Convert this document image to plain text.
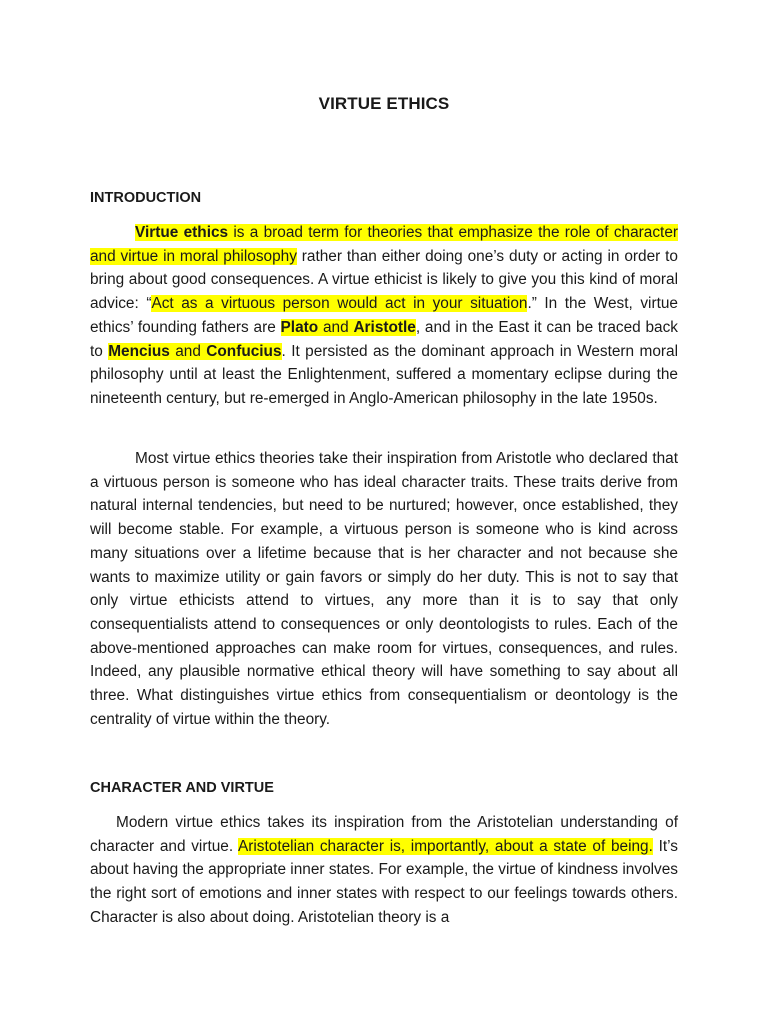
VIRTUE ETHICS
INTRODUCTION

Virtue ethics is a broad term for theories that emphasize the role of character and virtue in moral philosophy rather than either doing one’s duty or acting in order to bring about good consequences. A virtue ethicist is likely to give you this kind of moral advice: “Act as a virtuous person would act in your situation.” In the West, virtue ethics’ founding fathers are Plato and Aristotle, and in the East it can be traced back to Mencius and Confucius. It persisted as the dominant approach in Western moral philosophy until at least the Enlightenment, suffered a momentary eclipse during the nineteenth century, but re-emerged in Anglo-American philosophy in the late 1950s.

Most virtue ethics theories take their inspiration from Aristotle who declared that a virtuous person is someone who has ideal character traits. These traits derive from natural internal tendencies, but need to be nurtured; however, once established, they will become stable. For example, a virtuous person is someone who is kind across many situations over a lifetime because that is her character and not because she wants to maximize utility or gain favors or simply do her duty. This is not to say that only virtue ethicists attend to virtues, any more than it is to say that only consequentialists attend to consequences or only deontologists to rules. Each of the above-mentioned approaches can make room for virtues, consequences, and rules. Indeed, any plausible normative ethical theory will have something to say about all three. What distinguishes virtue ethics from consequentialism or deontology is the centrality of virtue within the theory.

CHARACTER AND VIRTUE

Modern virtue ethics takes its inspiration from the Aristotelian understanding of character and virtue. Aristotelian character is, importantly, about a state of being. It’s about having the appropriate inner states. For example, the virtue of kindness involves the right sort of emotions and inner states with respect to our feelings towards others. Character is also about doing. Aristotelian theory is a
